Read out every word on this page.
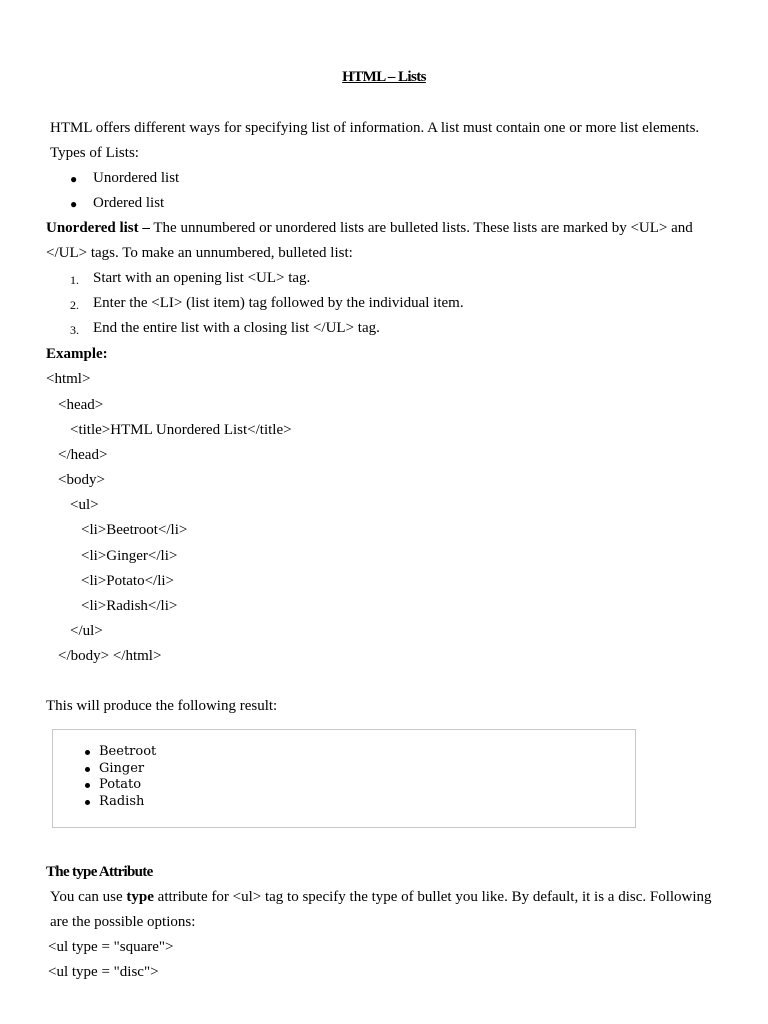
HTML – Lists
HTML offers different ways for specifying list of information. A list must contain one or more list elements.
Types of Lists:
● Unordered list
● Ordered list
Unordered list – The unnumbered or unordered lists are bulleted lists. These lists are marked by <UL> and
</UL> tags. To make an unnumbered, bulleted list:
1. Start with an opening list <UL> tag.
2. Enter the <LI> (list item) tag followed by the individual item.
3. End the entire list with a closing list </UL> tag.
Example:
<html>
<head>
<title>HTML Unordered List</title>
</head>
<body>
<ul>
<li>Beetroot</li>
<li>Ginger</li>
<li>Potato</li>
<li>Radish</li>
</ul>
</body> </html>
This will produce the following result:
Beetroot
Ginger
Potato
Radish
The type Attribute
You can use type attribute for <ul> tag to specify the type of bullet you like. By default, it is a disc. Following
are the possible options:
<ul type = "square">
<ul type = "disc">
